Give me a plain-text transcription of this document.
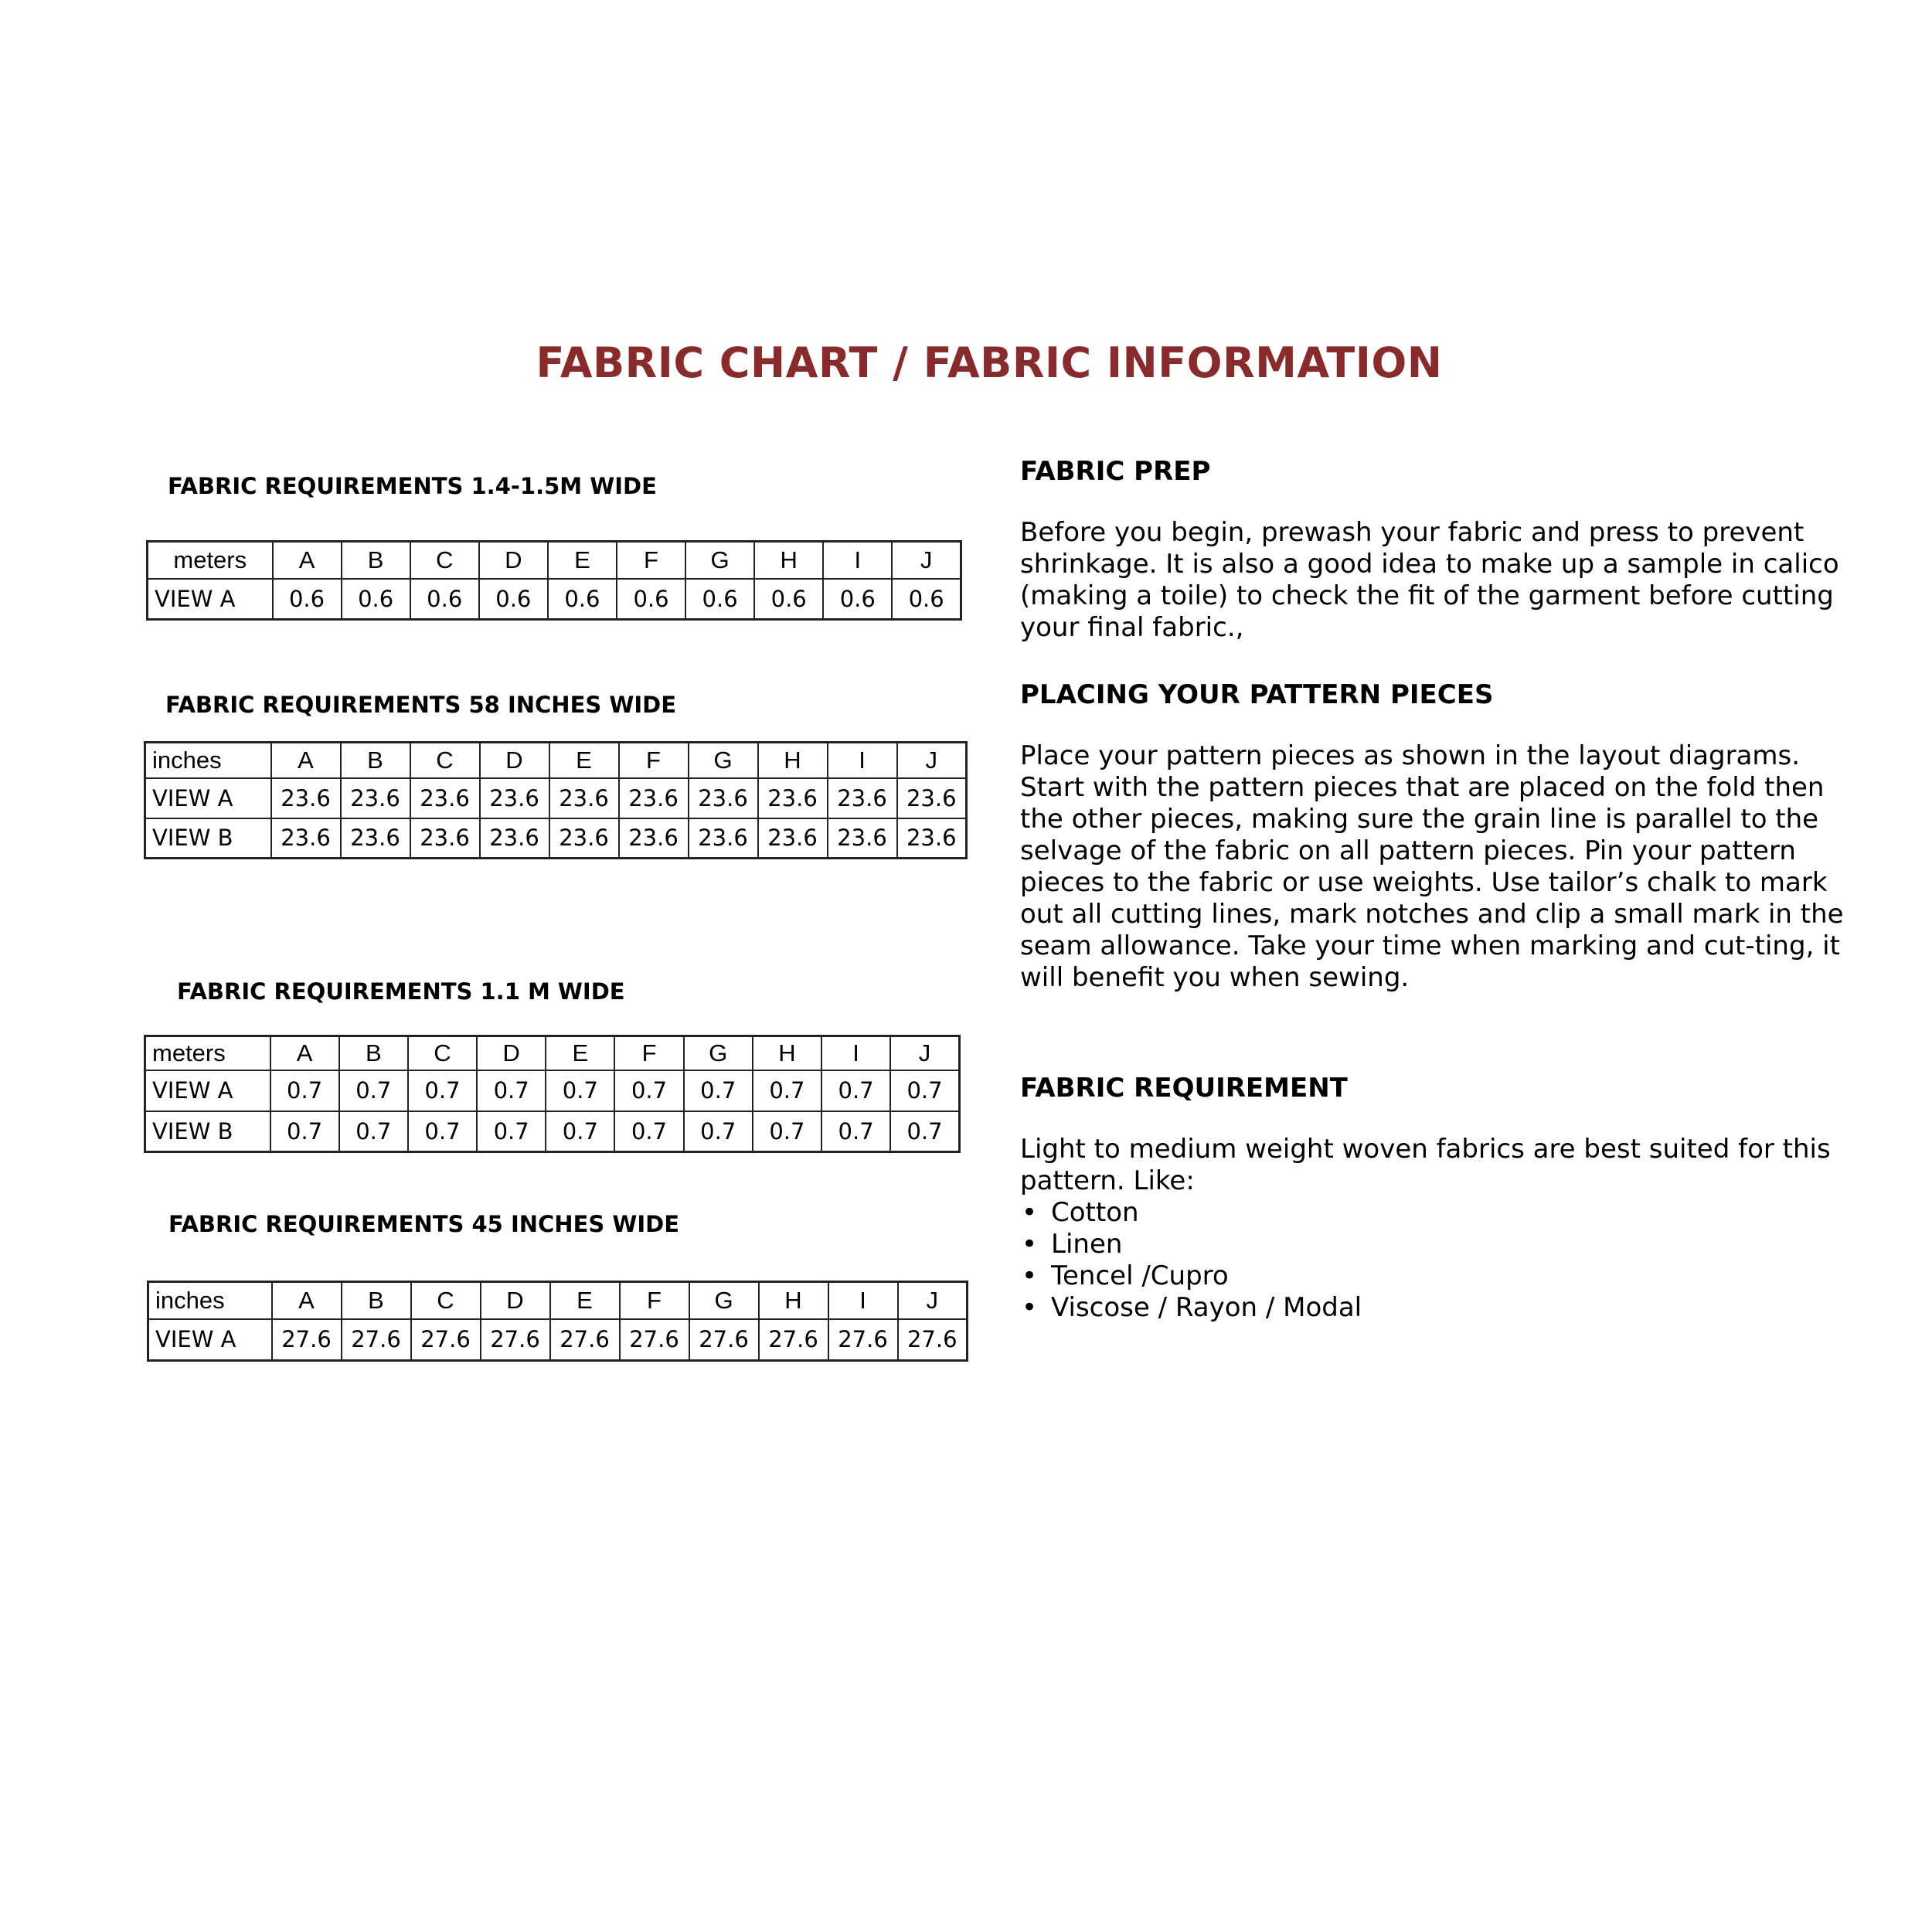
FABRIC CHART / FABRIC INFORMATION
FABRIC REQUIREMENTS 1.4-1.5M WIDE
meters	A	B	C	D	E	F	G	H	I	J
VIEW A	0.6	0.6	0.6	0.6	0.6	0.6	0.6	0.6	0.6	0.6
FABRIC REQUIREMENTS 58 INCHES WIDE
inches	A	B	C	D	E	F	G	H	I	J
VIEW A	23.6	23.6	23.6	23.6	23.6	23.6	23.6	23.6	23.6	23.6
VIEW B	23.6	23.6	23.6	23.6	23.6	23.6	23.6	23.6	23.6	23.6
FABRIC REQUIREMENTS 1.1 M WIDE
meters	A	B	C	D	E	F	G	H	I	J
VIEW A	0.7	0.7	0.7	0.7	0.7	0.7	0.7	0.7	0.7	0.7
VIEW B	0.7	0.7	0.7	0.7	0.7	0.7	0.7	0.7	0.7	0.7
FABRIC REQUIREMENTS 45 INCHES WIDE
inches	A	B	C	D	E	F	G	H	I	J
VIEW A	27.6	27.6	27.6	27.6	27.6	27.6	27.6	27.6	27.6	27.6
FABRIC PREP

Before you begin, prewash your fabric and press to prevent shrinkage. It is also a good idea to make up a sample in calico (making a toile) to check the fit of the garment before cutting your final fabric.,

PLACING YOUR PATTERN PIECES

Place your pattern pieces as shown in the layout diagrams. Start with the pattern pieces that are placed on the fold then the other pieces, making sure the grain line is parallel to the selvage of the fabric on all pattern pieces. Pin your pattern pieces to the fabric or use weights. Use tailor’s chalk to mark out all cutting lines, mark notches and clip a small mark in the seam allowance. Take your time when marking and cut-ting, it will benefit you when sewing.

FABRIC REQUIREMENT

Light to medium weight woven fabrics are best suited for this pattern. Like:

• Cotton
• Linen
• Tencel /Cupro
• Viscose / Rayon / Modal
